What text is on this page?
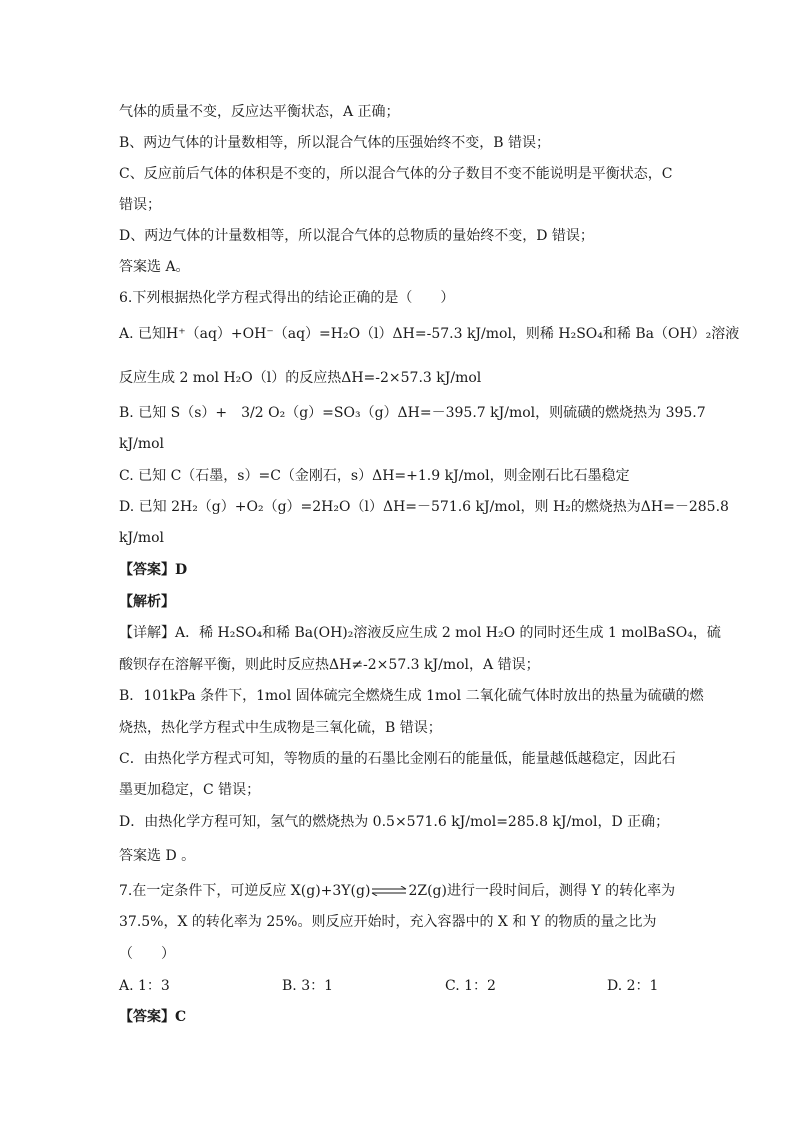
气体的质量不变，反应达平衡状态，A 正确；
B、两边气体的计量数相等，所以混合气体的压强始终不变，B 错误；
C、反应前后气体的体积是不变的，所以混合气体的分子数目不变不能说明是平衡状态，C
错误；
D、两边气体的计量数相等，所以混合气体的总物质的量始终不变，D 错误；
答案选 A。
6.下列根据热化学方程式得出的结论正确的是（　　）
A. 已知H⁺（aq）+OH⁻（aq）=H₂O（l）ΔH=-57.3 kJ/mol，则稀 H₂SO₄和稀 Ba（OH）₂溶液
反应生成 2 mol H₂O（l）的反应热ΔH=-2×57.3 kJ/mol
B. 已知 S（s）+　3/2 O₂（g）=SO₃（g）ΔH=－395.7 kJ/mol，则硫磺的燃烧热为 395.7
kJ/mol
C. 已知 C（石墨，s）=C（金刚石，s）ΔH=+1.9 kJ/mol，则金刚石比石墨稳定
D. 已知 2H₂（g）+O₂（g）=2H₂O（l）ΔH=－571.6 kJ/mol，则 H₂的燃烧热为ΔH=－285.8
kJ/mol
【答案】D
【解析】
【详解】A．稀 H₂SO₄和稀 Ba(OH)₂溶液反应生成 2 mol H₂O 的同时还生成 1 molBaSO₄，硫
酸钡存在溶解平衡，则此时反应热ΔH≠-2×57.3 kJ/mol，A 错误；
B．101kPa 条件下，1mol 固体硫完全燃烧生成 1mol 二氧化硫气体时放出的热量为硫磺的燃
烧热，热化学方程式中生成物是三氧化硫，B 错误；
C．由热化学方程式可知，等物质的量的石墨比金刚石的能量低，能量越低越稳定，因此石
墨更加稳定，C 错误；
D．由热化学方程可知，氢气的燃烧热为 0.5×571.6 kJ/mol=285.8 kJ/mol，D 正确；
答案选 D 。
7.在一定条件下，可逆反应 X(g)+3Y(g)⇌2Z(g)进行一段时间后，测得 Y 的转化率为
37.5%，X 的转化率为 25%。则反应开始时，充入容器中的 X 和 Y 的物质的量之比为
（　　）
A. 1：3	B. 3：1	C. 1：2	D. 2：1
【答案】C
